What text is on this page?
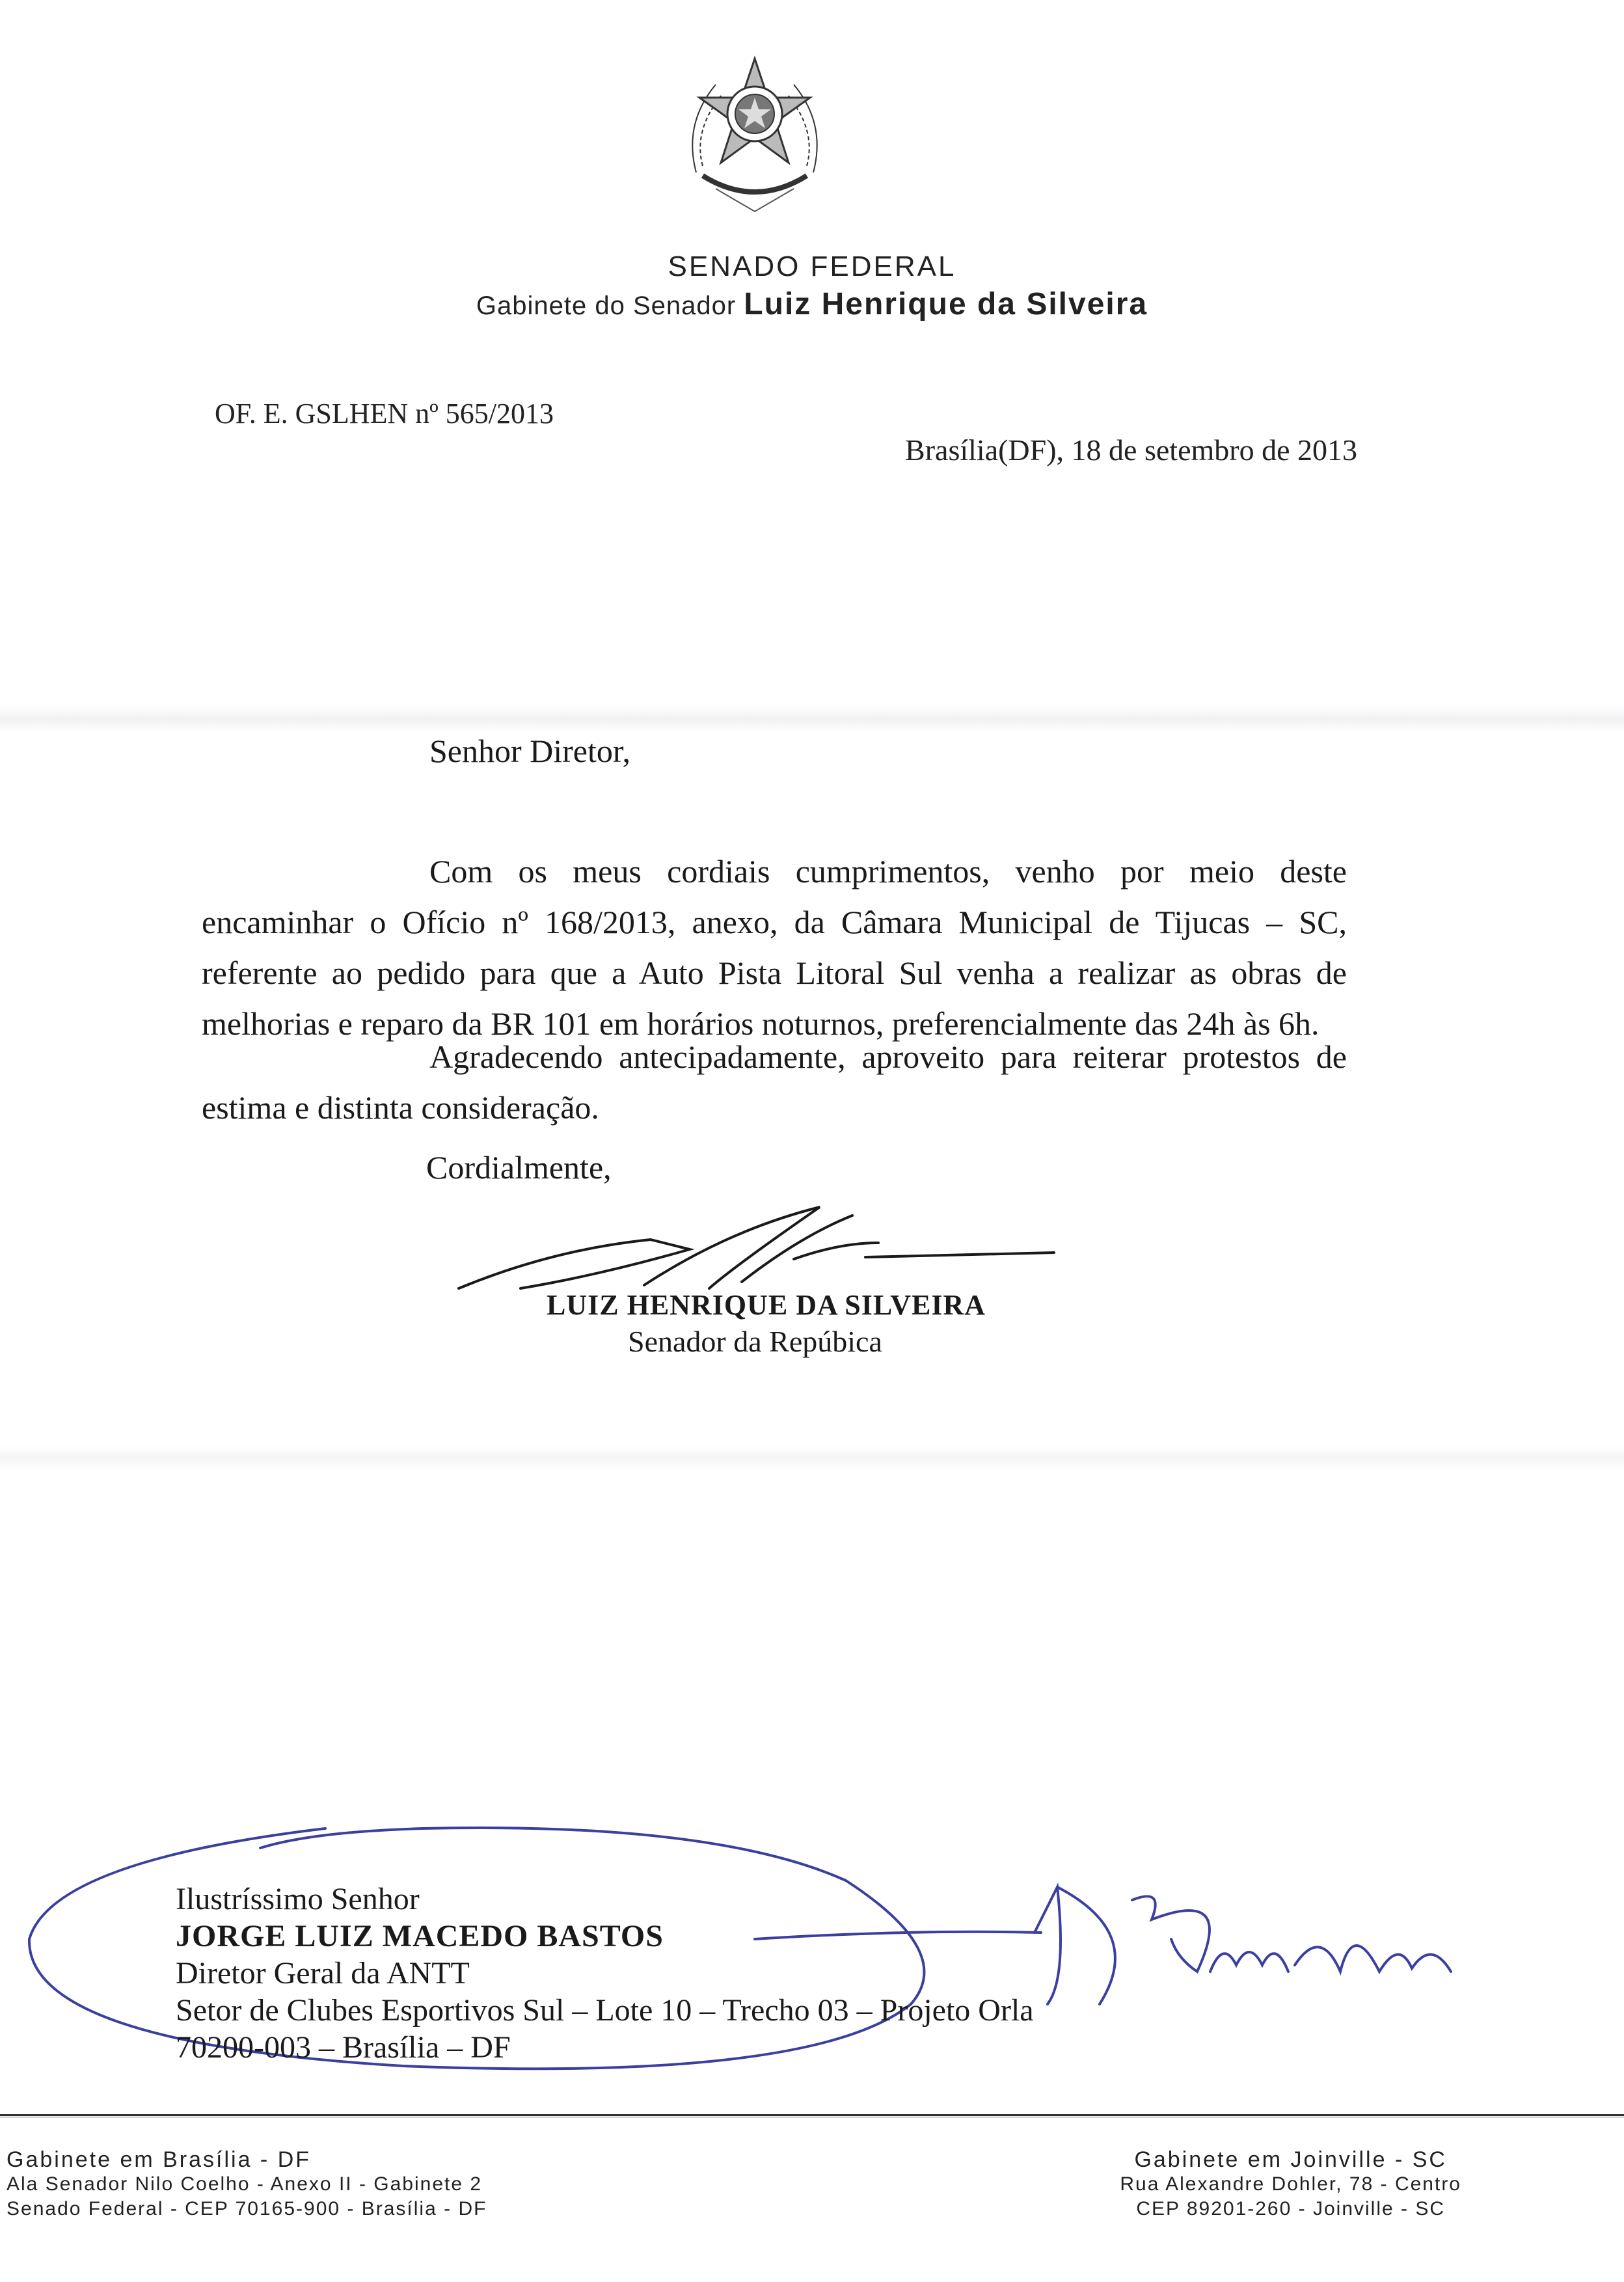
SENADO FEDERAL
Gabinete do Senador Luiz Henrique da Silveira
OF. E. GSLHEN nº 565/2013
Brasília(DF), 18 de setembro de 2013
Senhor Diretor,
Com os meus cordiais cumprimentos, venho por meio deste encaminhar o Ofício nº 168/2013, anexo, da Câmara Municipal de Tijucas – SC, referente ao pedido para que a Auto Pista Litoral Sul venha a realizar as obras de melhorias e reparo da BR 101 em horários noturnos, preferencialmente das 24h às 6h.
Agradecendo antecipadamente, aproveito para reiterar protestos de estima e distinta consideração.
Cordialmente,
LUIZ HENRIQUE DA SILVEIRA
Senador da Repúbica
Ilustríssimo Senhor
JORGE LUIZ MACEDO BASTOS
Diretor Geral da ANTT
Setor de Clubes Esportivos Sul – Lote 10 – Trecho 03 – Projeto Orla
70200-003 – Brasília – DF
Gabinete em Brasília - DF
Ala Senador Nilo Coelho - Anexo II - Gabinete 2
Senado Federal - CEP 70165-900 - Brasília - DF
Gabinete em Joinville - SC
Rua Alexandre Dohler, 78 - Centro
CEP 89201-260 - Joinville - SC
